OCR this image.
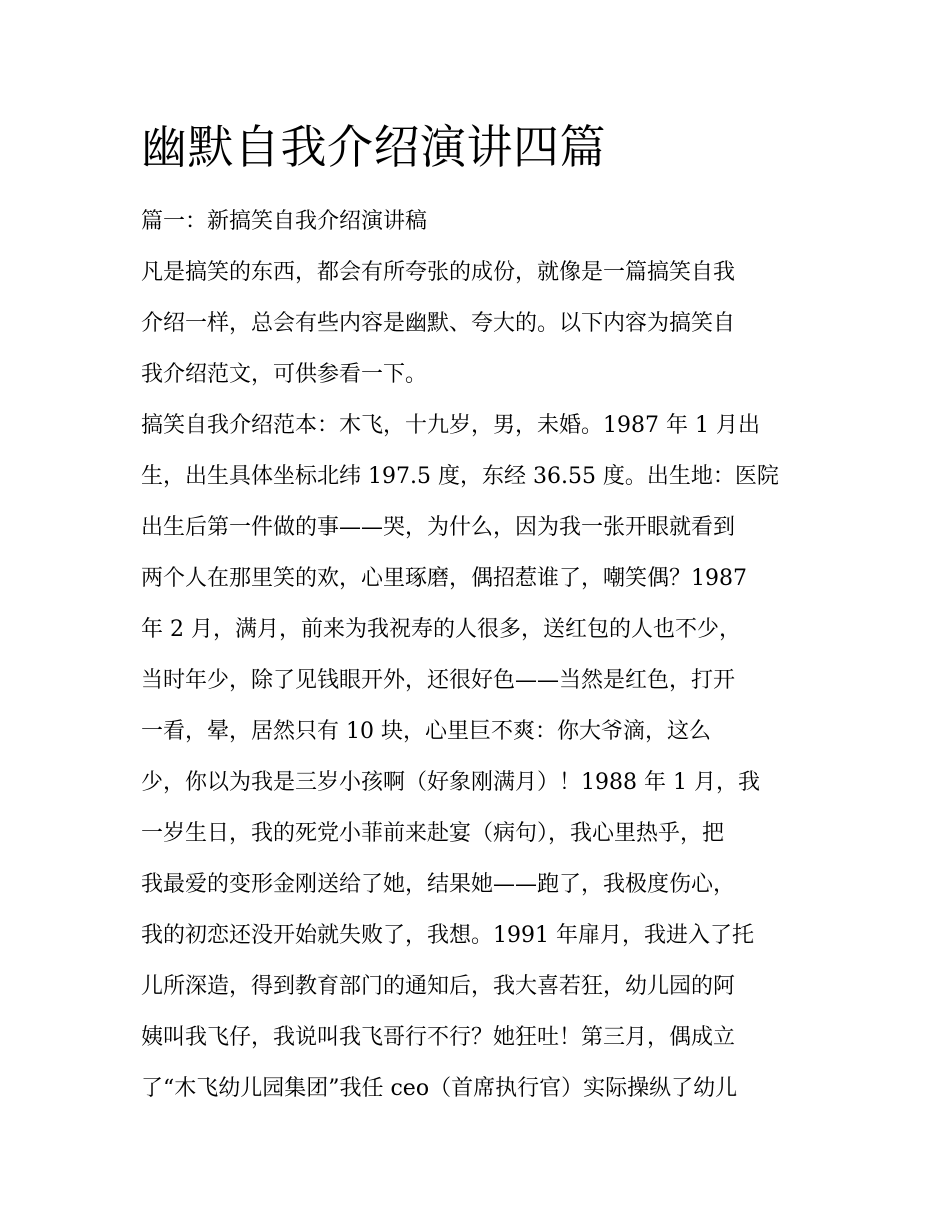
幽默自我介绍演讲四篇
篇一：新搞笑自我介绍演讲稿
凡是搞笑的东西，都会有所夸张的成份，就像是一篇搞笑自我
介绍一样，总会有些内容是幽默、夸大的。以下内容为搞笑自
我介绍范文，可供参看一下。
搞笑自我介绍范本：木飞，十九岁，男，未婚。1987 年 1 月出
生，出生具体坐标北纬 197.5 度，东经 36.55 度。出生地：医院
出生后第一件做的事——哭，为什么，因为我一张开眼就看到
两个人在那里笑的欢，心里琢磨，偶招惹谁了，嘲笑偶？1987
年 2 月，满月，前来为我祝寿的人很多，送红包的人也不少，
当时年少，除了见钱眼开外，还很好色——当然是红色，打开
一看，晕，居然只有 10 块，心里巨不爽：你大爷滴，这么
少，你以为我是三岁小孩啊（好象刚满月）！1988 年 1 月，我
一岁生日，我的死党小菲前来赴宴（病句），我心里热乎，把
我最爱的变形金刚送给了她，结果她——跑了，我极度伤心，
我的初恋还没开始就失败了，我想。1991 年扉月，我进入了托
儿所深造，得到教育部门的通知后，我大喜若狂，幼儿园的阿
姨叫我飞仔，我说叫我飞哥行不行？她狂吐！第三月，偶成立
了“木飞幼儿园集团”我任 ceo（首席执行官）实际操纵了幼儿
